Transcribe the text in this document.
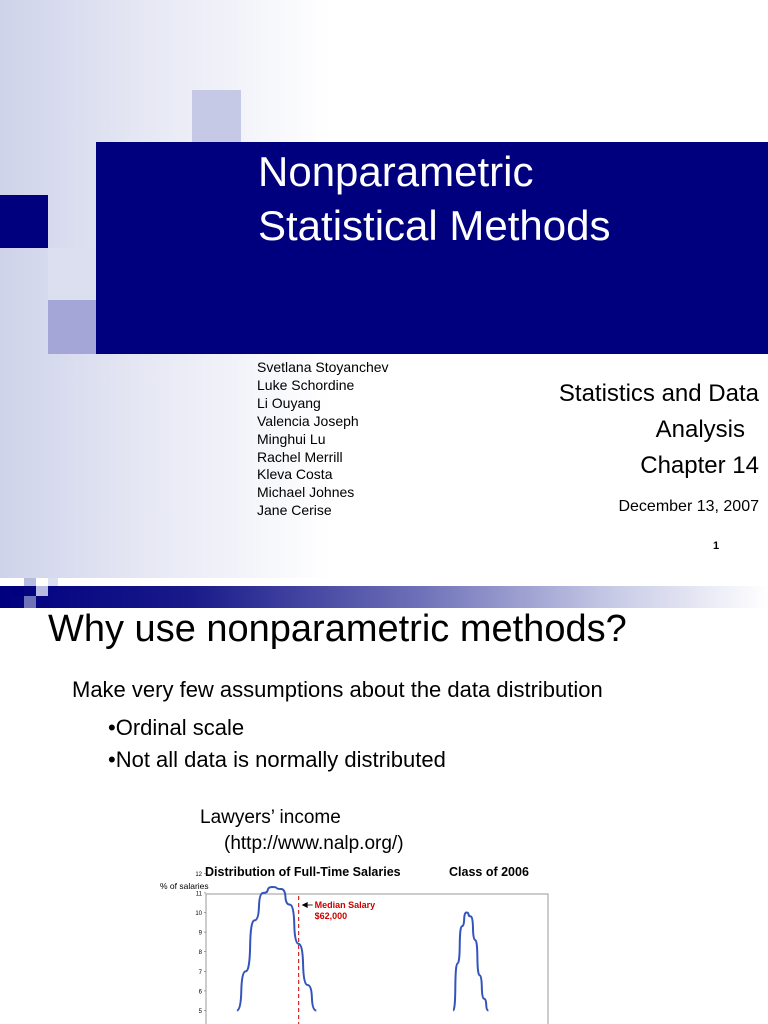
Nonparametric
Statistical Methods
Svetlana Stoyanchev
Luke Schordine
Li Ouyang
Valencia Joseph
Minghui Lu
Rachel Merrill
Kleva Costa
Michael Johnes
Jane Cerise
Statistics and Data
Analysis
Chapter 14
December 13, 2007
1
Why use nonparametric methods?
Make very few assumptions about the data distribution
•Ordinal scale
•Not all data is normally distributed
Lawyers’ income
(http://www.nalp.org/)
Distribution of Full-Time Salaries	Class of 2006
% of salaries
5
6
7
8
9
10
11
12
Median Salary
$62,000
